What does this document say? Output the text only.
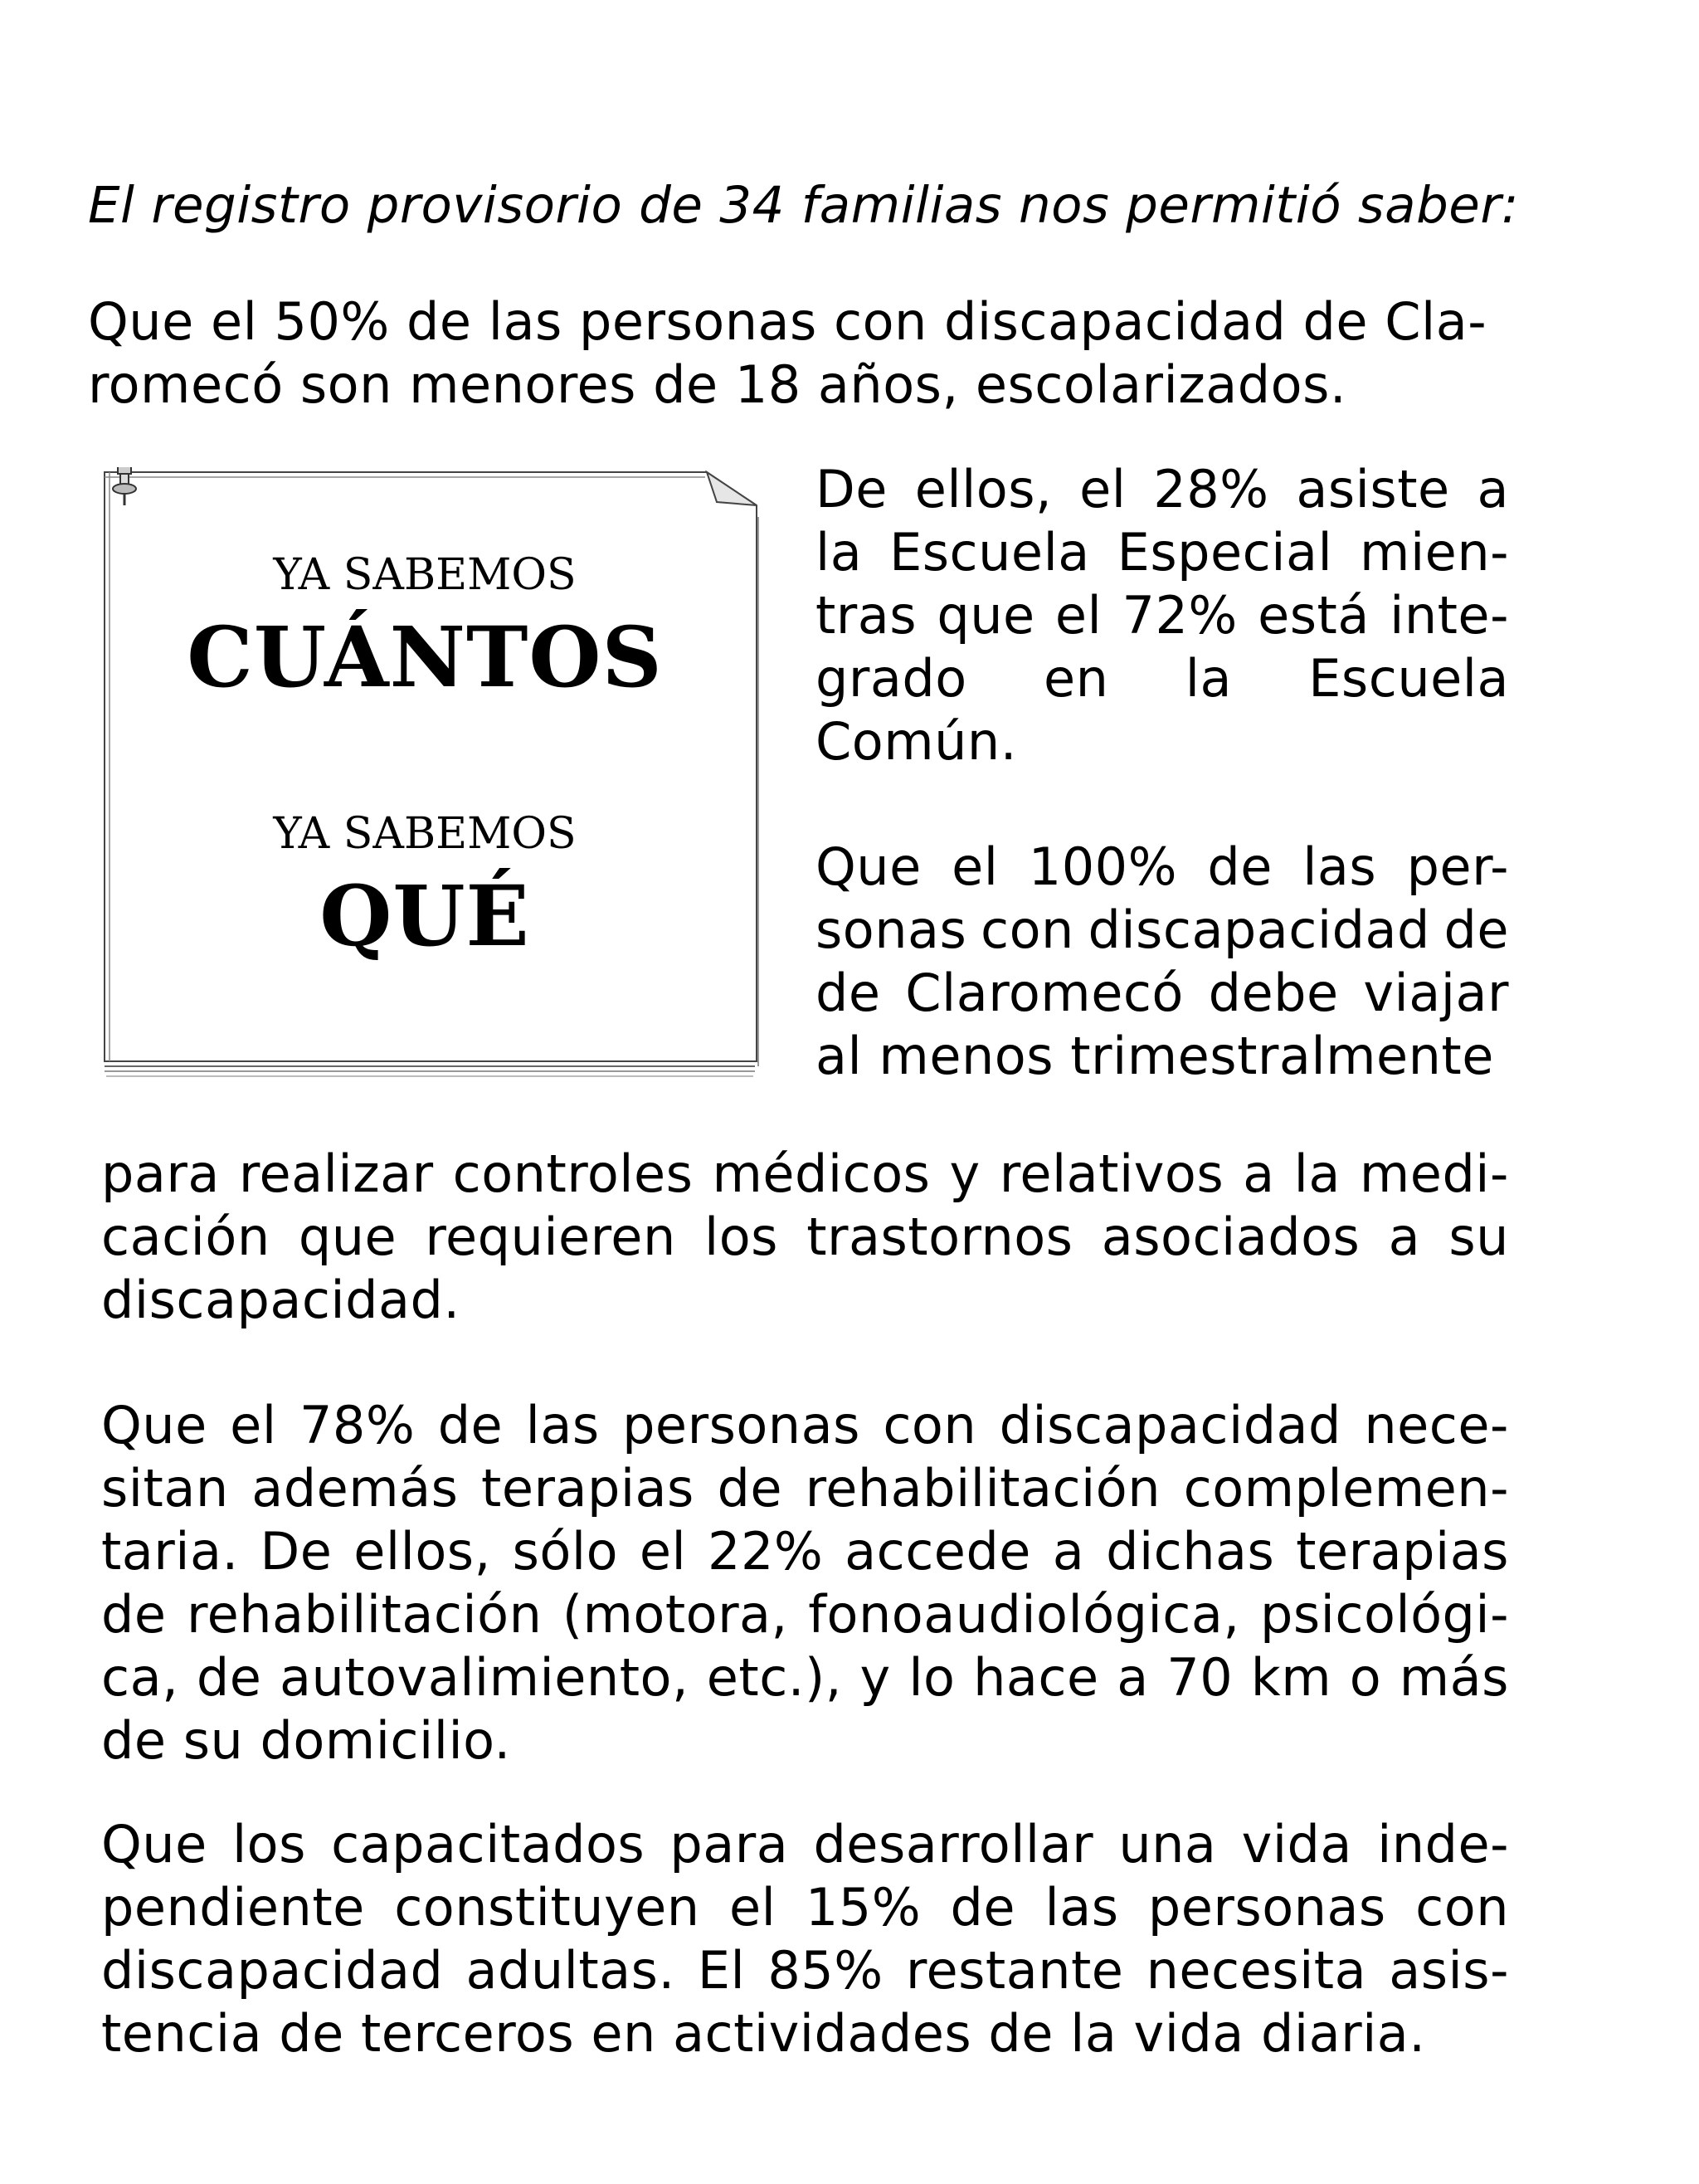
El registro provisorio de 34 familias nos permitió saber:
Que el 50% de las personas con discapacidad de Cla-
romecó son menores de 18 años, escolarizados.
YA SABEMOS
CUÁNTOS
YA SABEMOS
QUÉ
De ellos, el 28% asiste a
la Escuela Especial mien-
tras que el 72% está inte-
grado en la Escuela
Común.
Que el 100% de las per-
sonas con discapacidad de
de Claromecó debe viajar
al menos trimestralmente
para realizar controles médicos y relativos a la medi-
cación que requieren los trastornos asociados a su
discapacidad.
Que el 78% de las personas con discapacidad nece-
sitan además terapias de rehabilitación complemen-
taria. De ellos, sólo el 22% accede a dichas terapias
de rehabilitación (motora, fonoaudiológica, psicológi-
ca, de autovalimiento, etc.), y lo hace a 70 km o más
de su domicilio.
Que los capacitados para desarrollar una vida inde-
pendiente constituyen el 15% de las personas con
discapacidad adultas. El 85% restante necesita asis-
tencia de terceros en actividades de la vida diaria.
